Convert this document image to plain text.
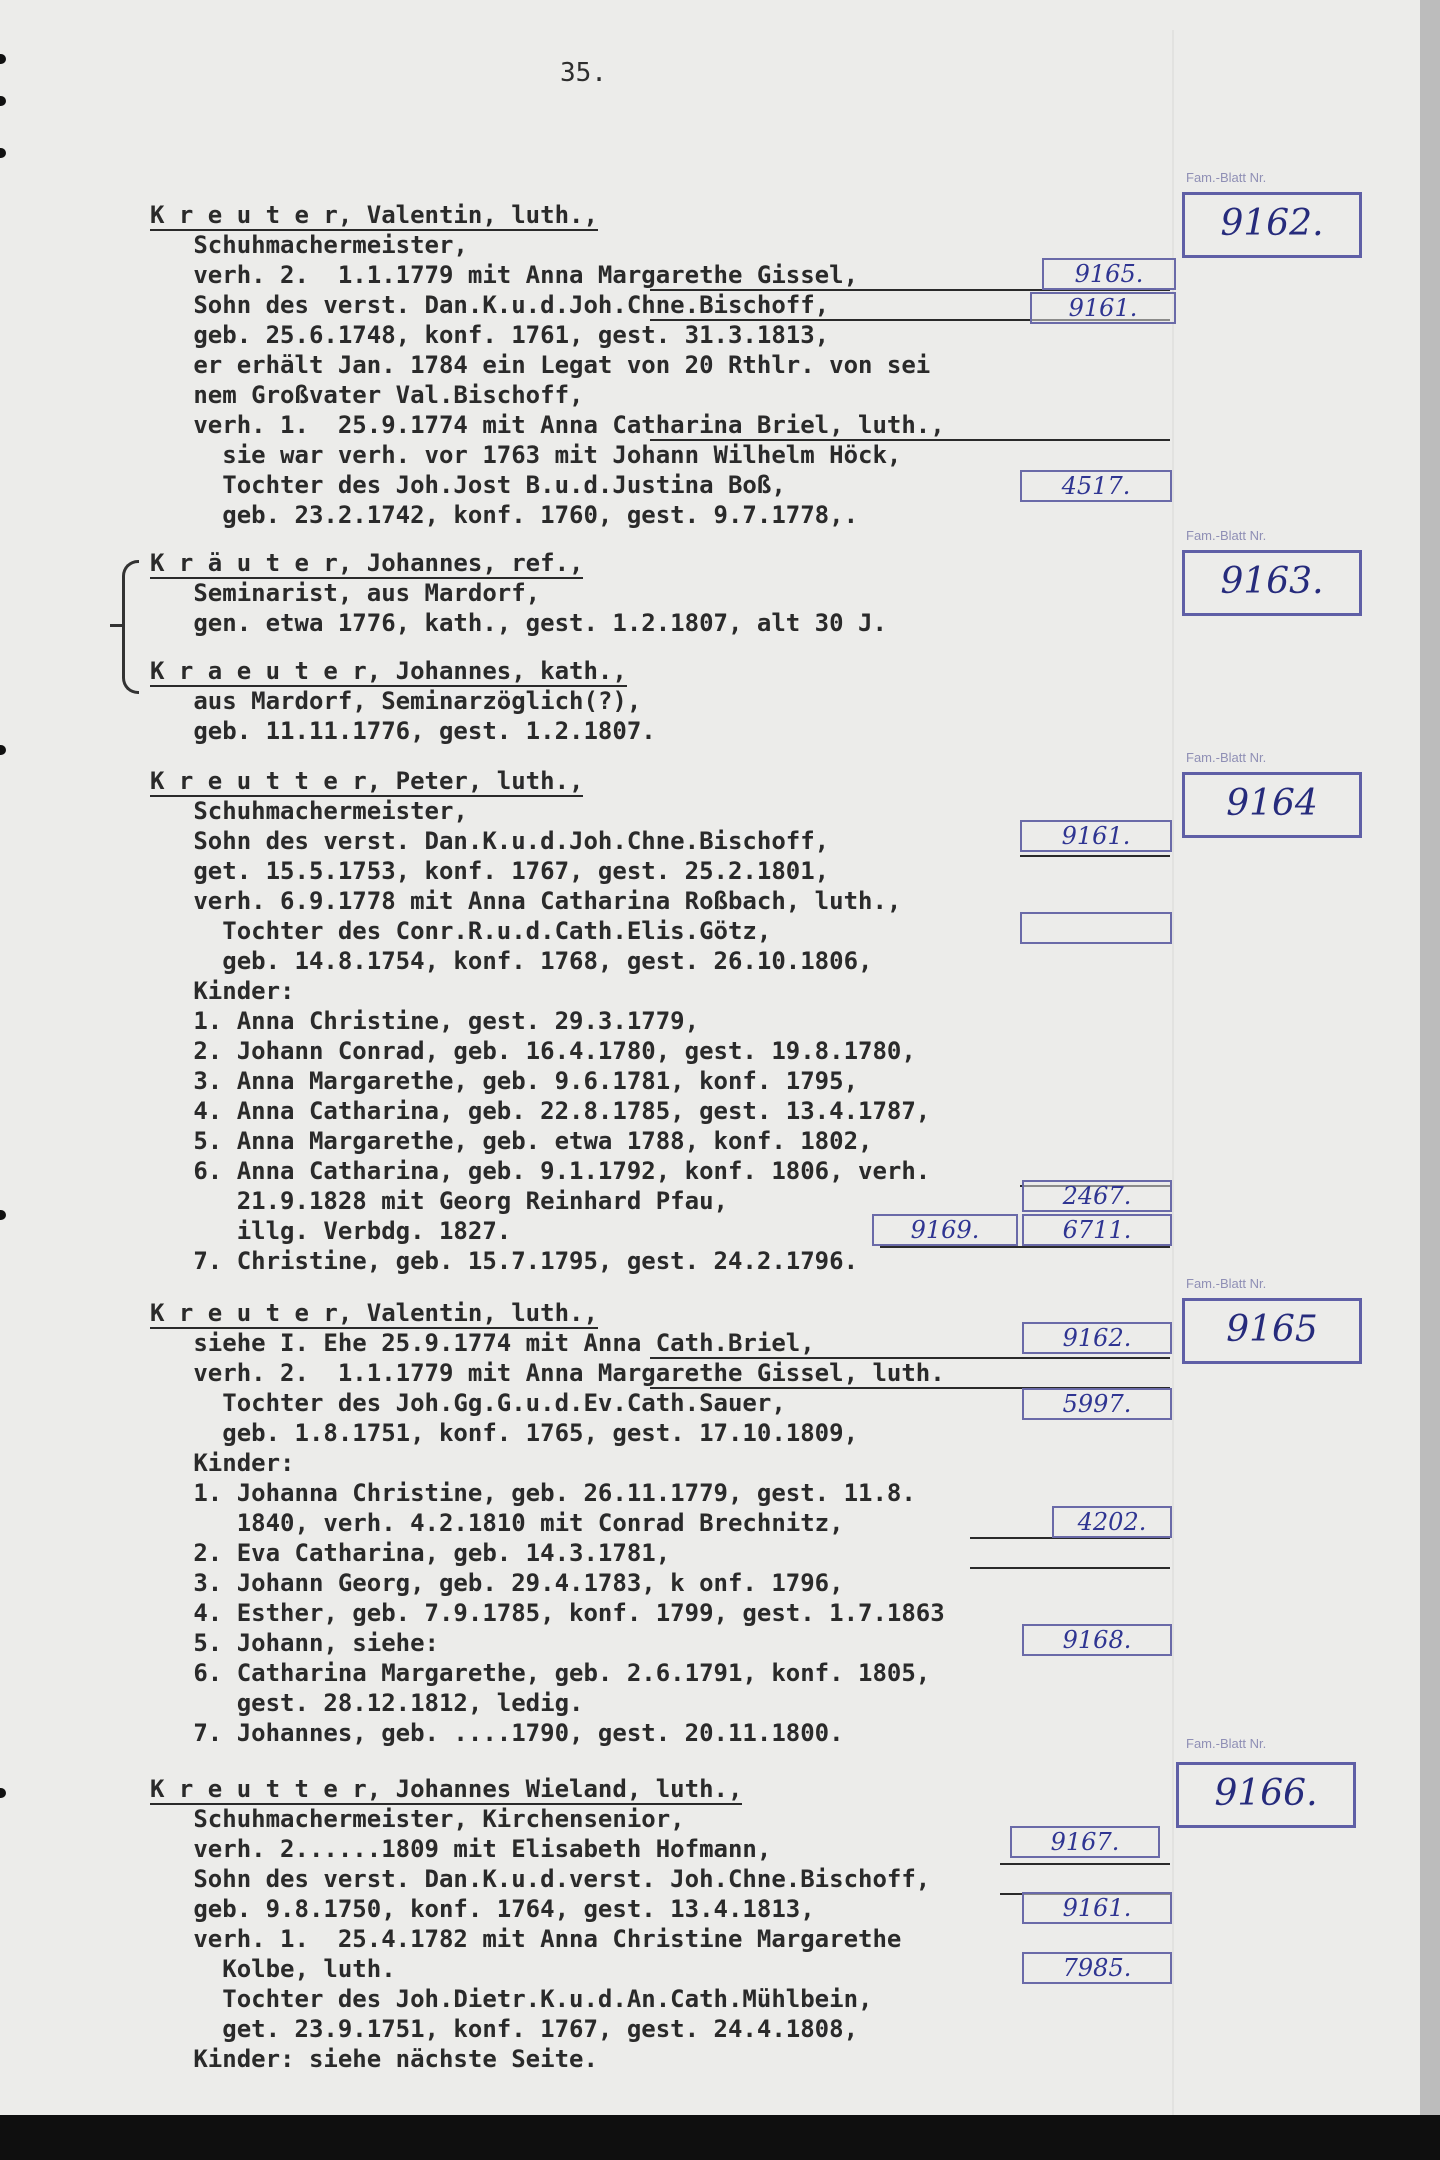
35.

K r e u t e r, Valentin, luth.,

Schuhmachermeister,

verh. 2.  1.1.1779 mit Anna Margarethe Gissel,

Sohn des verst. Dan.K.u.d.Joh.Chne.Bischoff,

geb. 25.6.1748, konf. 1761, gest. 31.3.1813,

er erhält Jan. 1784 ein Legat von 20 Rthlr. von sei

nem Großvater Val.Bischoff,

verh. 1.  25.9.1774 mit Anna Catharina Briel, luth.,

sie war verh. vor 1763 mit Johann Wilhelm Höck,

Tochter des Joh.Jost B.u.d.Justina Boß,

geb. 23.2.1742, konf. 1760, gest. 9.7.1778,.

K r ä u t e r, Johannes, ref.,

Seminarist, aus Mardorf,

gen. etwa 1776, kath., gest. 1.2.1807, alt 30 J.

K r a e u t e r, Johannes, kath.,

aus Mardorf, Seminarzöglich(?),

geb. 11.11.1776, gest. 1.2.1807.

K r e u t t e r, Peter, luth.,

Schuhmachermeister,

Sohn des verst. Dan.K.u.d.Joh.Chne.Bischoff,

get. 15.5.1753, konf. 1767, gest. 25.2.1801,

verh. 6.9.1778 mit Anna Catharina Roßbach, luth.,

Tochter des Conr.R.u.d.Cath.Elis.Götz,

geb. 14.8.1754, konf. 1768, gest. 26.10.1806,

Kinder:

1. Anna Christine, gest. 29.3.1779,

2. Johann Conrad, geb. 16.4.1780, gest. 19.8.1780,

3. Anna Margarethe, geb. 9.6.1781, konf. 1795,

4. Anna Catharina, geb. 22.8.1785, gest. 13.4.1787,

5. Anna Margarethe, geb. etwa 1788, konf. 1802,

6. Anna Catharina, geb. 9.1.1792, konf. 1806, verh.

21.9.1828 mit Georg Reinhard Pfau,

illg. Verbdg. 1827.

7. Christine, geb. 15.7.1795, gest. 24.2.1796.

K r e u t e r, Valentin, luth.,

siehe I. Ehe 25.9.1774 mit Anna Cath.Briel,

verh. 2.  1.1.1779 mit Anna Margarethe Gissel, luth.

Tochter des Joh.Gg.G.u.d.Ev.Cath.Sauer,

geb. 1.8.1751, konf. 1765, gest. 17.10.1809,

Kinder:

1. Johanna Christine, geb. 26.11.1779, gest. 11.8.

1840, verh. 4.2.1810 mit Conrad Brechnitz,

2. Eva Catharina, geb. 14.3.1781,

3. Johann Georg, geb. 29.4.1783, k onf. 1796,

4. Esther, geb. 7.9.1785, konf. 1799, gest. 1.7.1863

5. Johann, siehe:

6. Catharina Margarethe, geb. 2.6.1791, konf. 1805,

gest. 28.12.1812, ledig.

7. Johannes, geb. ....1790, gest. 20.11.1800.

K r e u t t e r, Johannes Wieland, luth.,

Schuhmachermeister, Kirchensenior,

verh. 2......1809 mit Elisabeth Hofmann,

Sohn des verst. Dan.K.u.d.verst. Joh.Chne.Bischoff,

geb. 9.8.1750, konf. 1764, gest. 13.4.1813,

verh. 1.  25.4.1782 mit Anna Christine Margarethe

Kolbe, luth.

Tochter des Joh.Dietr.K.u.d.An.Cath.Mühlbein,

get. 23.9.1751, konf. 1767, gest. 24.4.1808,

Kinder: siehe nächste Seite.

9165.
9161.
4517.
9161.
2467.
9169.	6711.
9162.
5997.
4202.
9168.
9167.
9161.
7985.

Fam.-Blatt Nr.

9162.

Fam.-Blatt Nr.

9163.

Fam.-Blatt Nr.

9164

Fam.-Blatt Nr.

9165

Fam.-Blatt Nr.

9166.
